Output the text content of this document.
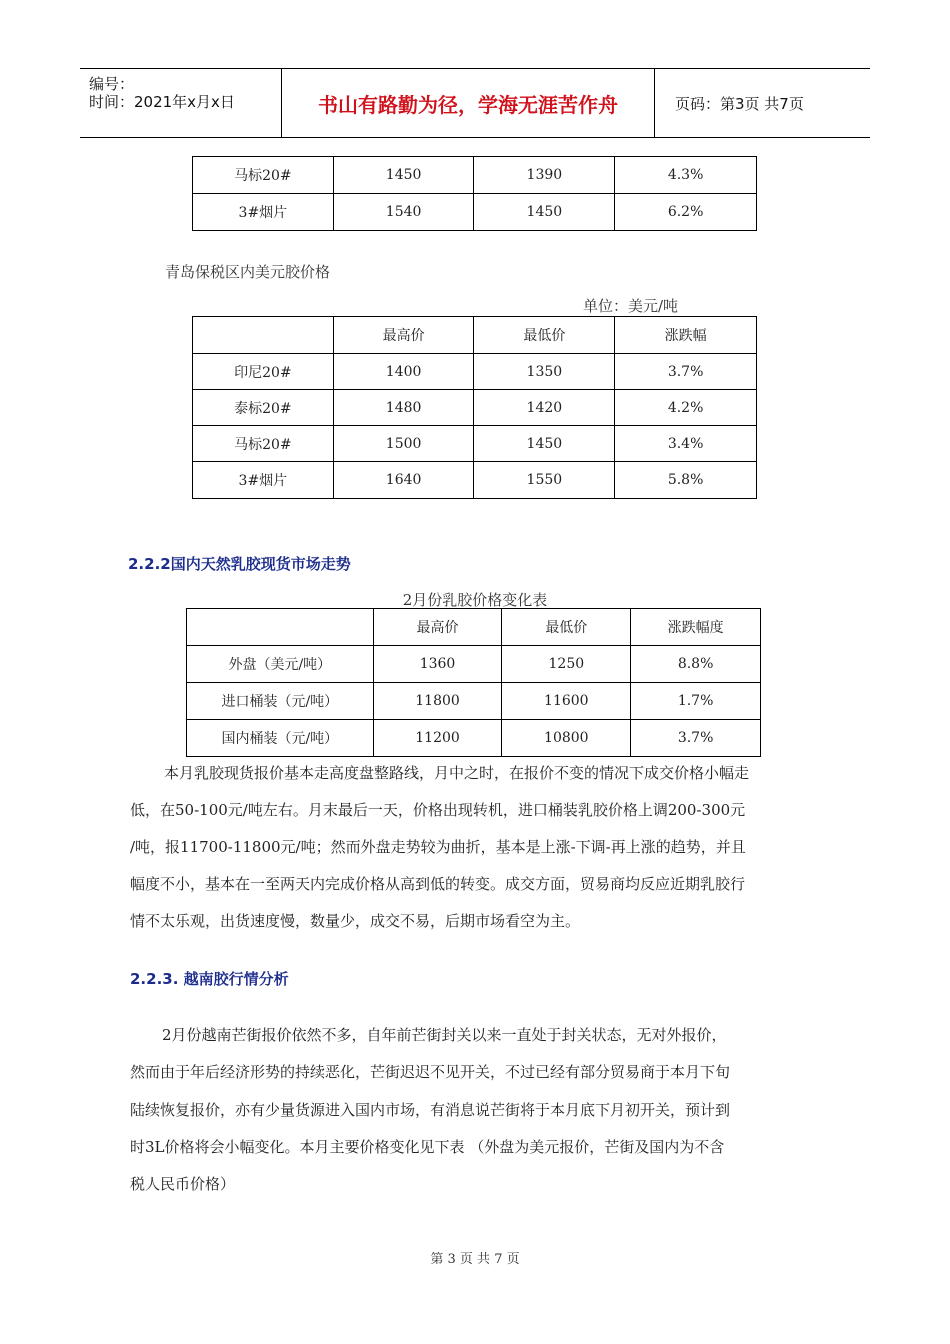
编号：
时间：2021年x月x日	书山有路勤为径，学海无涯苦作舟	页码：第3页 共7页
马标20#	1450	1390	4.3%
3#烟片	1540	1450	6.2%
青岛保税区内美元胶价格
单位：美元/吨
	最高价	最低价	涨跌幅
印尼20#	1400	1350	3.7%
泰标20#	1480	1420	4.2%
马标20#	1500	1450	3.4%
3#烟片	1640	1550	5.8%
2.2.2国内天然乳胶现货市场走势
2月份乳胶价格变化表
	最高价	最低价	涨跌幅度
外盘（美元/吨）	1360	1250	8.8%
进口桶装（元/吨）	11800	11600	1.7%
国内桶装（元/吨）	11200	10800	3.7%
本月乳胶现货报价基本走高度盘整路线，月中之时，在报价不变的情况下成交价格小幅走
低，在50-100元/吨左右。月末最后一天，价格出现转机，进口桶装乳胶价格上调200-300元
/吨，报11700-11800元/吨；然而外盘走势较为曲折，基本是上涨-下调-再上涨的趋势，并且
幅度不小，基本在一至两天内完成价格从高到低的转变。成交方面，贸易商均反应近期乳胶行
情不太乐观，出货速度慢，数量少，成交不易，后期市场看空为主。
2.2.3. 越南胶行情分析
2月份越南芒街报价依然不多，自年前芒街封关以来一直处于封关状态，无对外报价，
然而由于年后经济形势的持续恶化，芒街迟迟不见开关，不过已经有部分贸易商于本月下旬
陆续恢复报价，亦有少量货源进入国内市场，有消息说芒街将于本月底下月初开关，预计到
时3L价格将会小幅变化。本月主要价格变化见下表 （外盘为美元报价，芒街及国内为不含
税人民币价格）
第 3 页 共 7 页
